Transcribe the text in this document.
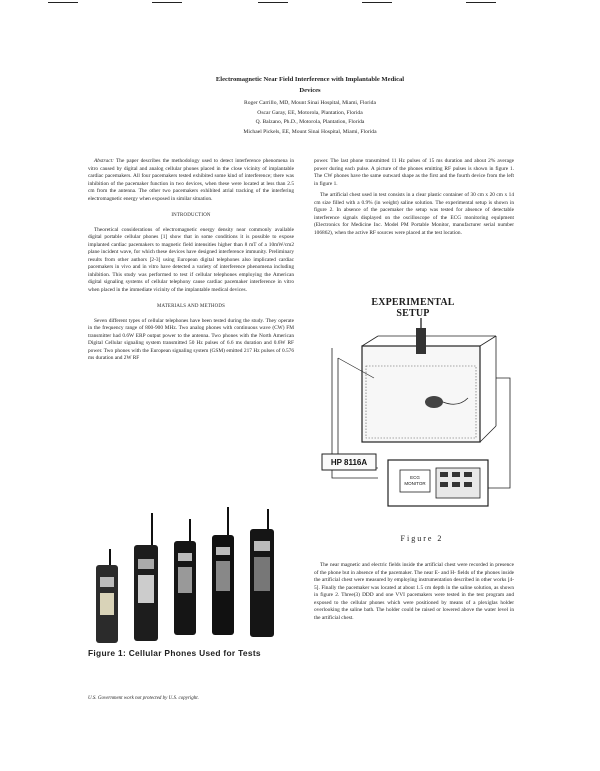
Electromagnetic Near Field Interference with Implantable Medical
Devices
Roger Carrillo, MD, Mount Sinai Hospital, Miami, Florida
Oscar Garay, EE, Motorola, Plantation, Florida
Q. Balzano, Ph.D., Motorola, Plantation, Florida
Michael Pickels, EE, Mount Sinai Hospital, Miami, Florida

Abstract: The paper describes the methodology used to detect interference phenomena in vitro caused by digital and analog cellular phones placed in the close vicinity of implantable cardiac pacemakers. All four pacemakers tested exhibited some kind of interference; there was inhibition of the pacemaker function in two devices, when these were located at less than 2.5 cm from the antenna. The other two pacemakers exhibited atrial tracking of the interfering electromagnetic energy when exposed in similar situation.

INTRODUCTION

Theoretical considerations of electromagnetic energy density near commonly available digital portable cellular phones [1] show that in some conditions it is possible to expose implanted cardiac pacemakers to magnetic field intensities higher than 8 mT of a 10mW/cm2 plane incident wave, for which these devices have designed interference immunity. Preliminary results from other authors [2-3] using European digital telephones also implicated cardiac pacemakers in vivo and in vitro have detected a variety of interference phenomena including inhibition. This study was performed to test if cellular telephones employing the American digital signaling systems of cellular telephony cause cardiac pacemaker interference in vitro when placed in the immediate vicinity of the implantable medical devices.

MATERIALS AND METHODS

Seven different types of cellular telephones have been tested during the study. They operate in the frequency range of 800-900 MHz. Two analog phones with continuous wave (CW) FM transmitter had 0.6W ERP output power to the antenna. Two phones with the North American Digital Cellular signaling system transmitted 50 Hz pulses of 6.6 ms duration and 0.6W RF power. Two phones with the European signaling system (GSM) emitted 217 Hz pulses of 0.576 ms duration and 2W RF

power. The last phone transmitted 11 Hz pulses of 15 ms duration and about 2% average power during each pulse. A picture of the phones emitting RF pulses is shown in figure 1. The CW phones have the same outward shape as the first and the fourth device from the left in figure 1.

The artificial chest used in test consists in a clear plastic container of 30 cm x 20 cm x 14 cm size filled with a 0.9% (in weight) saline solution. The experimental setup is shown in figure 2. In absence of the pacemaker the setup was tested for absence of detectable interference signals displayed on the oscilloscope of the ECG monitoring equipment (Electronics for Medicine Inc. Model PM Portable Monitor, manufacturer serial number 106862), when the active RF sources were placed at the test location.

EXPERIMENTAL SETUP
HP 8116A
ECG
MONITOR
Figure 2

The near magnetic and electric fields inside the artificial chest were recorded in presence of the phone but in absence of the pacemaker. The near E- and H- fields of the phones inside the artificial chest were measured by employing instrumentation described in other works [4-5]. Finally the pacemaker was located at about 1.5 cm depth in the saline solution, as shown in figure 2. Three(3) DDD and one VVI pacemakers were tested in the test program and exposed to the cellular phones which were positioned by means of a plexiglas holder overlooking the saline bath. The holder could be raised or lowered above the water level in the artificial chest.

Figure 1: Cellular Phones Used for Tests
U.S. Government work not protected by U.S. copyright.
